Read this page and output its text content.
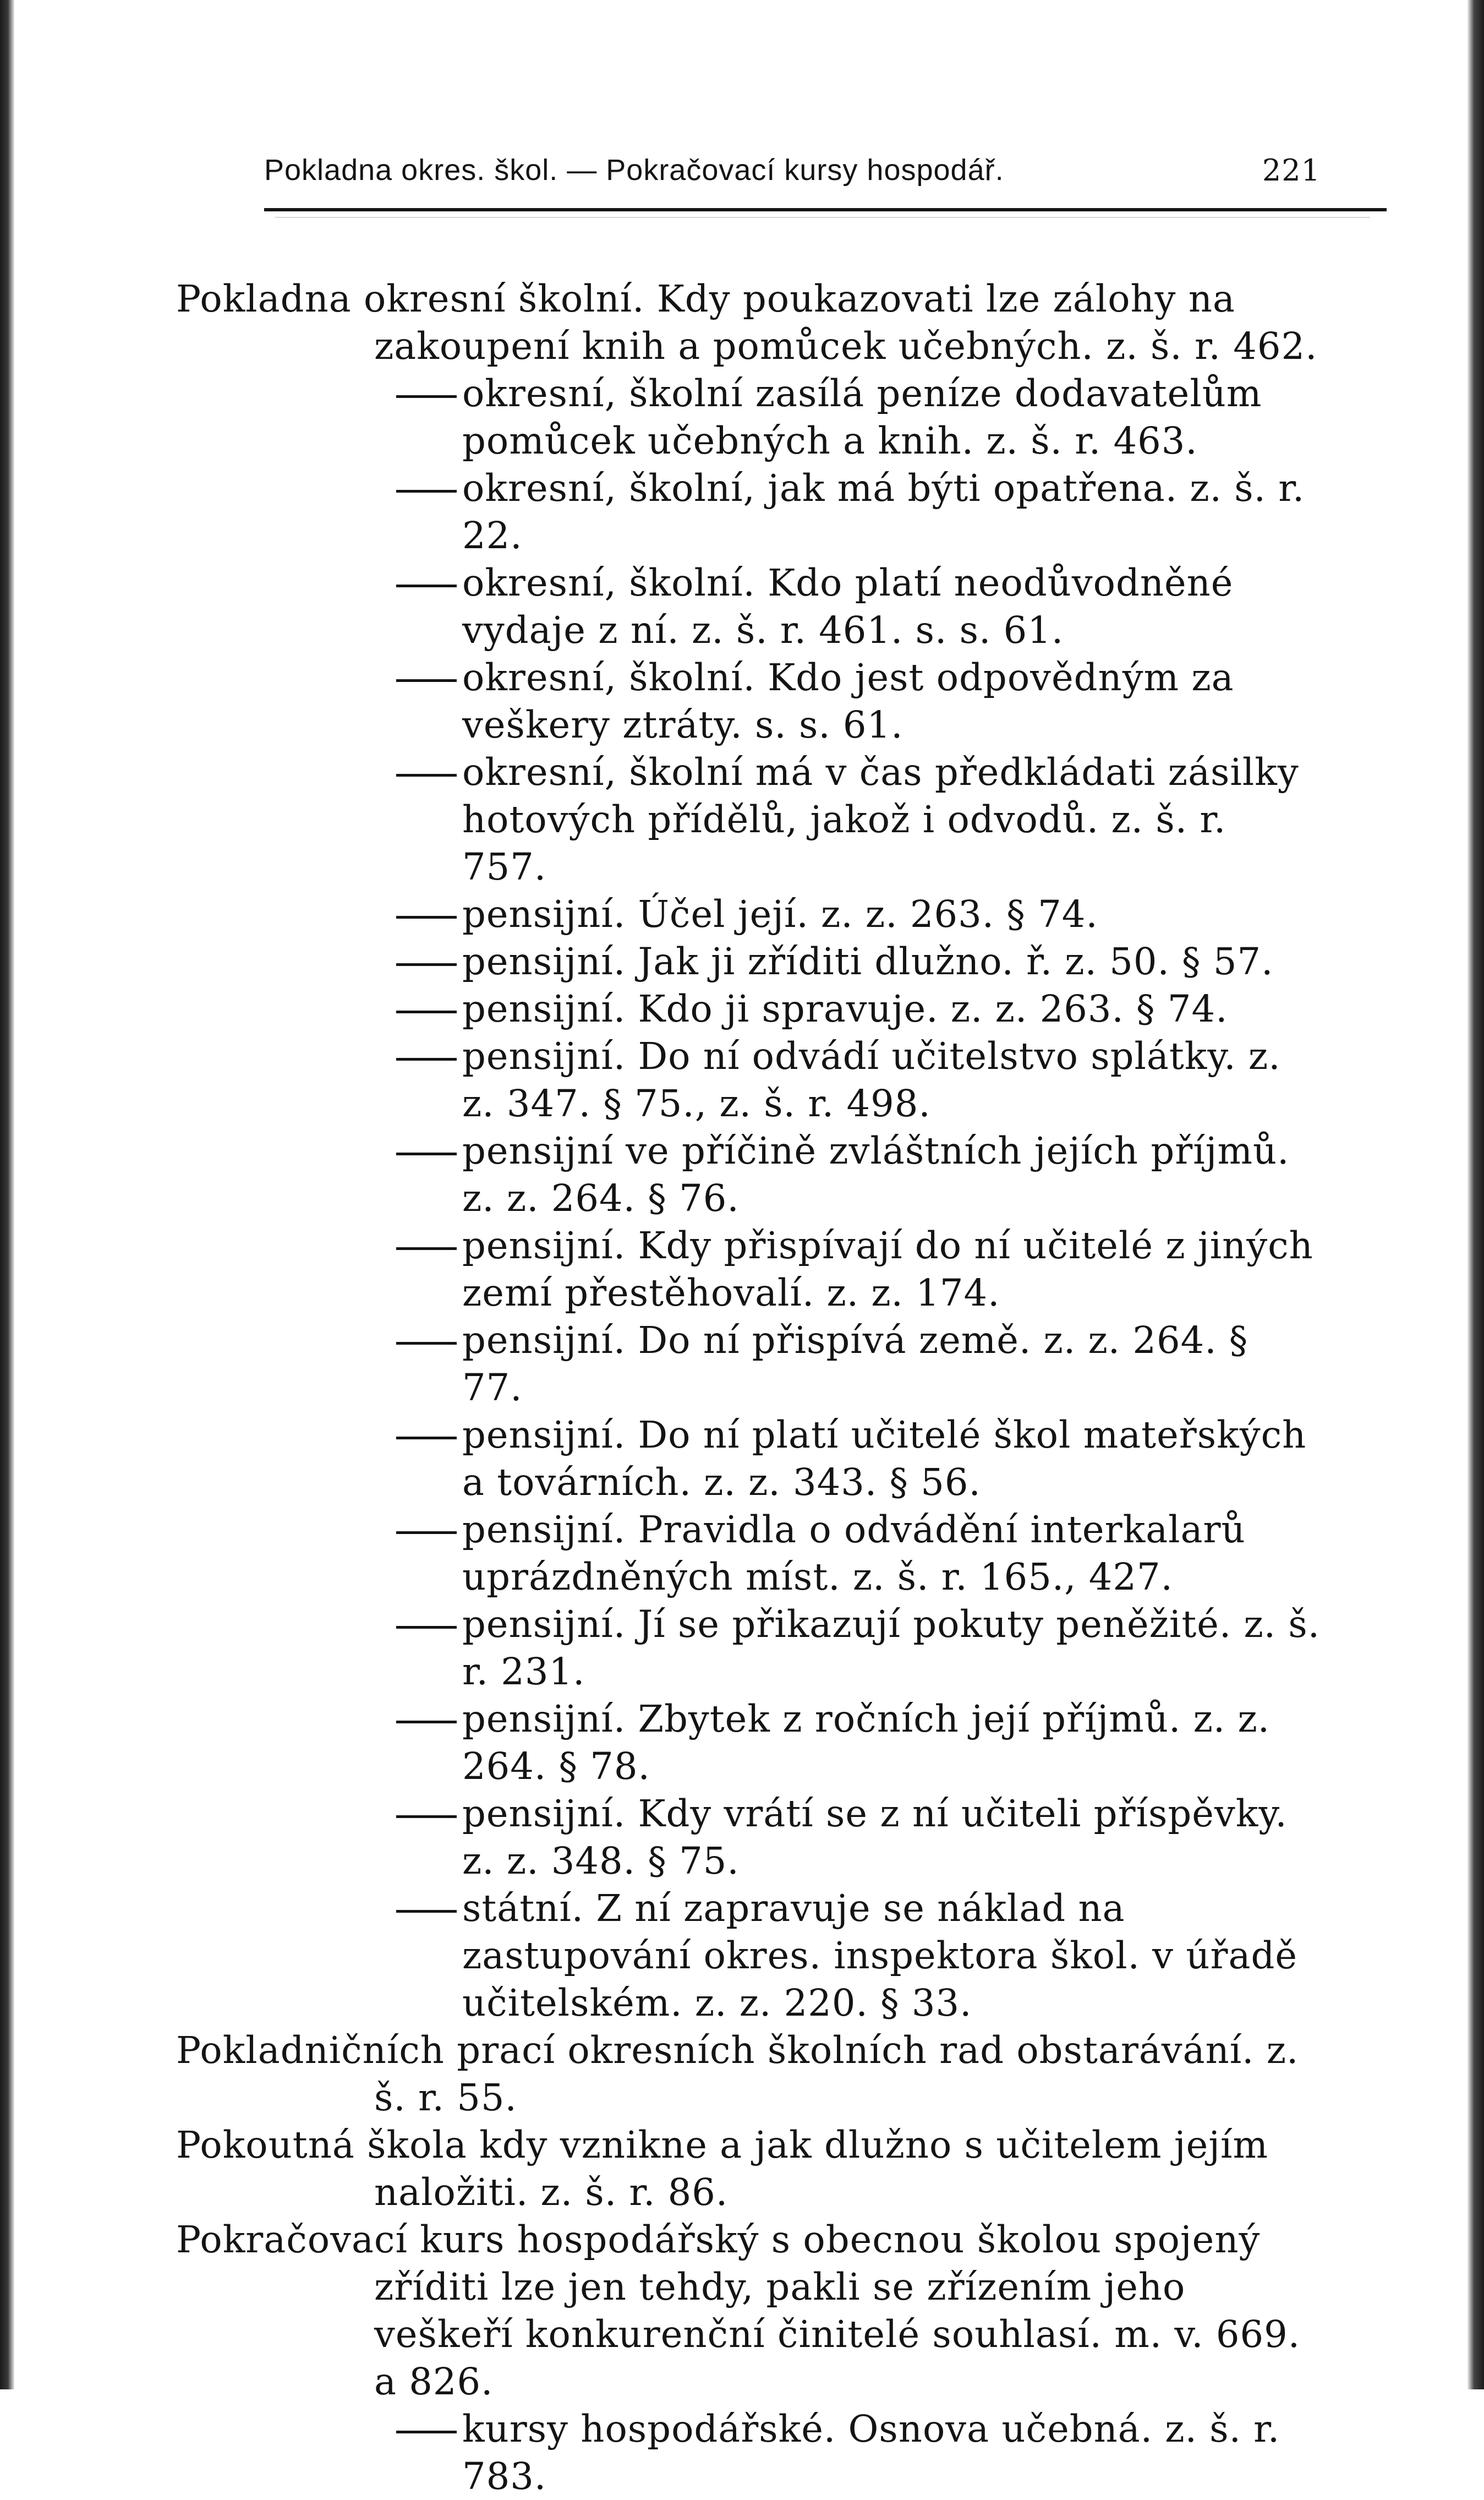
Pokladna okres. škol. — Pokračovací kursy hospodář.	221

Pokladna okresní školní. Kdy poukazovati lze zálohy na zakoupení knih a pomůcek učebných. z. š. r. 462.

okresní, školní zasílá peníze dodavatelům pomůcek učebných a knih. z. š. r. 463.

okresní, školní, jak má býti opatřena. z. š. r. 22.

okresní, školní. Kdo platí neodůvodněné vydaje z ní. z. š. r. 461. s. s. 61.

okresní, školní. Kdo jest odpovědným za veškery ztráty. s. s. 61.

okresní, školní má v čas předkládati zásilky hotových přídělů, jakož i odvodů. z. š. r. 757.

pensijní. Účel její. z. z. 263. § 74.

pensijní. Jak ji zříditi dlužno. ř. z. 50. § 57.

pensijní. Kdo ji spravuje. z. z. 263. § 74.

pensijní. Do ní odvádí učitelstvo splátky. z. z. 347. § 75., z. š. r. 498.

pensijní ve příčině zvláštních jejích příjmů. z. z. 264. § 76.

pensijní. Kdy přispívají do ní učitelé z jiných zemí přestěhovalí. z. z. 174.

pensijní. Do ní přispívá země. z. z. 264. § 77.

pensijní. Do ní platí učitelé škol mateřských a továrních. z. z. 343. § 56.

pensijní. Pravidla o odvádění interkalarů uprázdněných míst. z. š. r. 165., 427.

pensijní. Jí se přikazují pokuty peněžité. z. š. r. 231.

pensijní. Zbytek z ročních její příjmů. z. z. 264. § 78.

pensijní. Kdy vrátí se z ní učiteli příspěvky. z. z. 348. § 75.

státní. Z ní zapravuje se náklad na zastupování okres. inspektora škol. v úřadě učitelském. z. z. 220. § 33.

Pokladničních prací okresních školních rad obstarávání. z. š. r. 55.

Pokoutná škola kdy vznikne a jak dlužno s učitelem jejím naložiti. z. š. r. 86.

Pokračovací kurs hospodářský s obecnou školou spojený zříditi lze jen tehdy, pakli se zřízením jeho veškeří konkurenční činitelé souhlasí. m. v. 669. a 826.

kursy hospodářské. Osnova učebná. z. š. r. 783.
